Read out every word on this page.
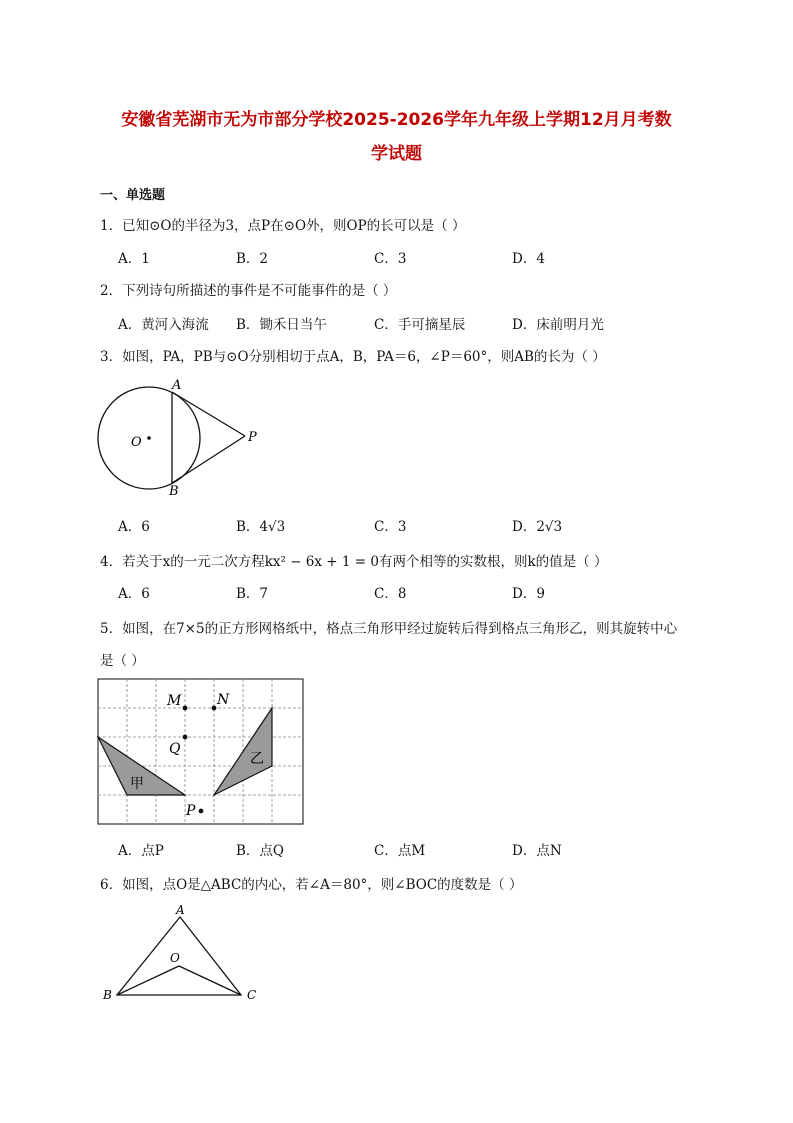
安徽省芜湖市无为市部分学校2025-2026学年九年级上学期12月月考数
学试题
一、单选题
1．已知⊙O的半径为3，点P在⊙O外，则OP的长可以是（ ）
A．1	B．2	C．3	D．4
2．下列诗句所描述的事件是不可能事件的是（ ）
A．黄河入海流 B．锄禾日当午	C．手可摘星辰	D．床前明月光
3．如图，PA，PB与⊙O分别相切于点A，B，PA＝6，∠P＝60°，则AB的长为（ ）
A
B
O	P
A．6	B．4√3	C．3	D．2√3
4．若关于x的一元二次方程kx² − 6x + 1 = 0有两个相等的实数根，则k的值是（ ）
A．6	B．7	C．8	D．9
5．如图，在7×5的正方形网格纸中，格点三角形甲经过旋转后得到格点三角形乙，则其旋转中心
是（ ）
M	N
Q
P
甲
乙
A．点P	B．点Q	C．点M	D．点N
6．如图，点O是△ABC的内心，若∠A＝80°，则∠BOC的度数是（ ）
A
B	C
O
